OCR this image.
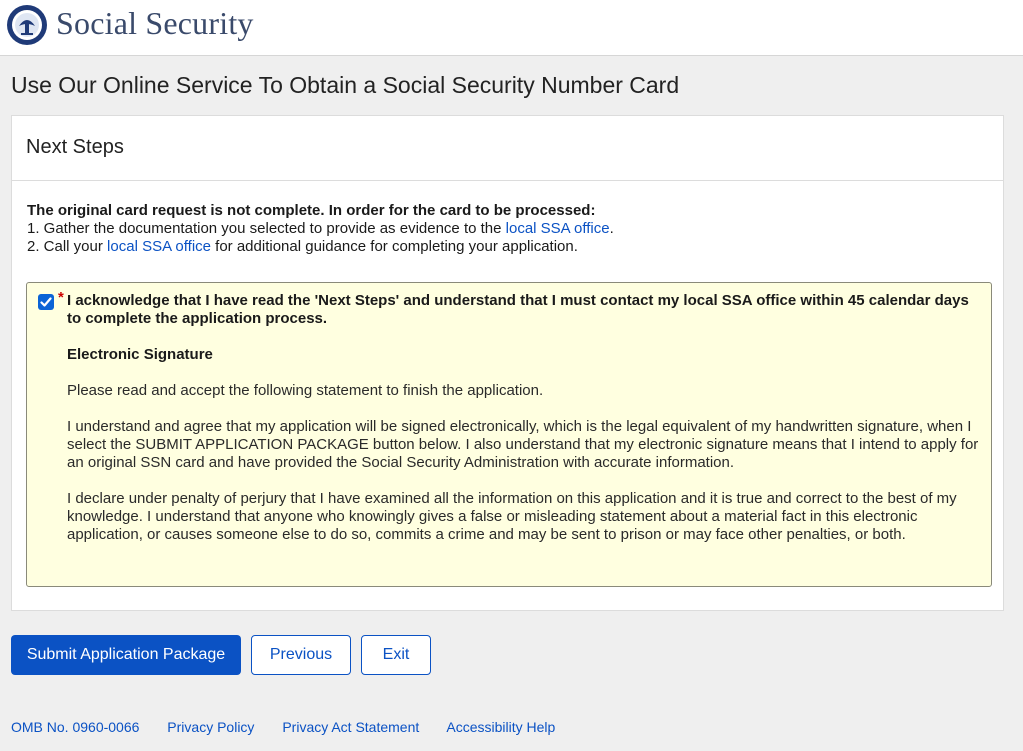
Social Security
Use Our Online Service To Obtain a Social Security Number Card
Next Steps
The original card request is not complete. In order for the card to be processed:
1. Gather the documentation you selected to provide as evidence to the local SSA office.
2. Call your local SSA office for additional guidance for completing your application.
* I acknowledge that I have read the 'Next Steps' and understand that I must contact my local SSA office within 45 calendar days to complete the application process.

Electronic Signature

Please read and accept the following statement to finish the application.

I understand and agree that my application will be signed electronically, which is the legal equivalent of my handwritten signature, when I select the SUBMIT APPLICATION PACKAGE button below. I also understand that my electronic signature means that I intend to apply for an original SSN card and have provided the Social Security Administration with accurate information.

I declare under penalty of perjury that I have examined all the information on this application and it is true and correct to the best of my knowledge. I understand that anyone who knowingly gives a false or misleading statement about a material fact in this electronic application, or causes someone else to do so, commits a crime and may be sent to prison or may face other penalties, or both.

Submit Application Package	Previous	Exit
OMB No. 0960-0066 Privacy Policy Privacy Act Statement Accessibility Help
